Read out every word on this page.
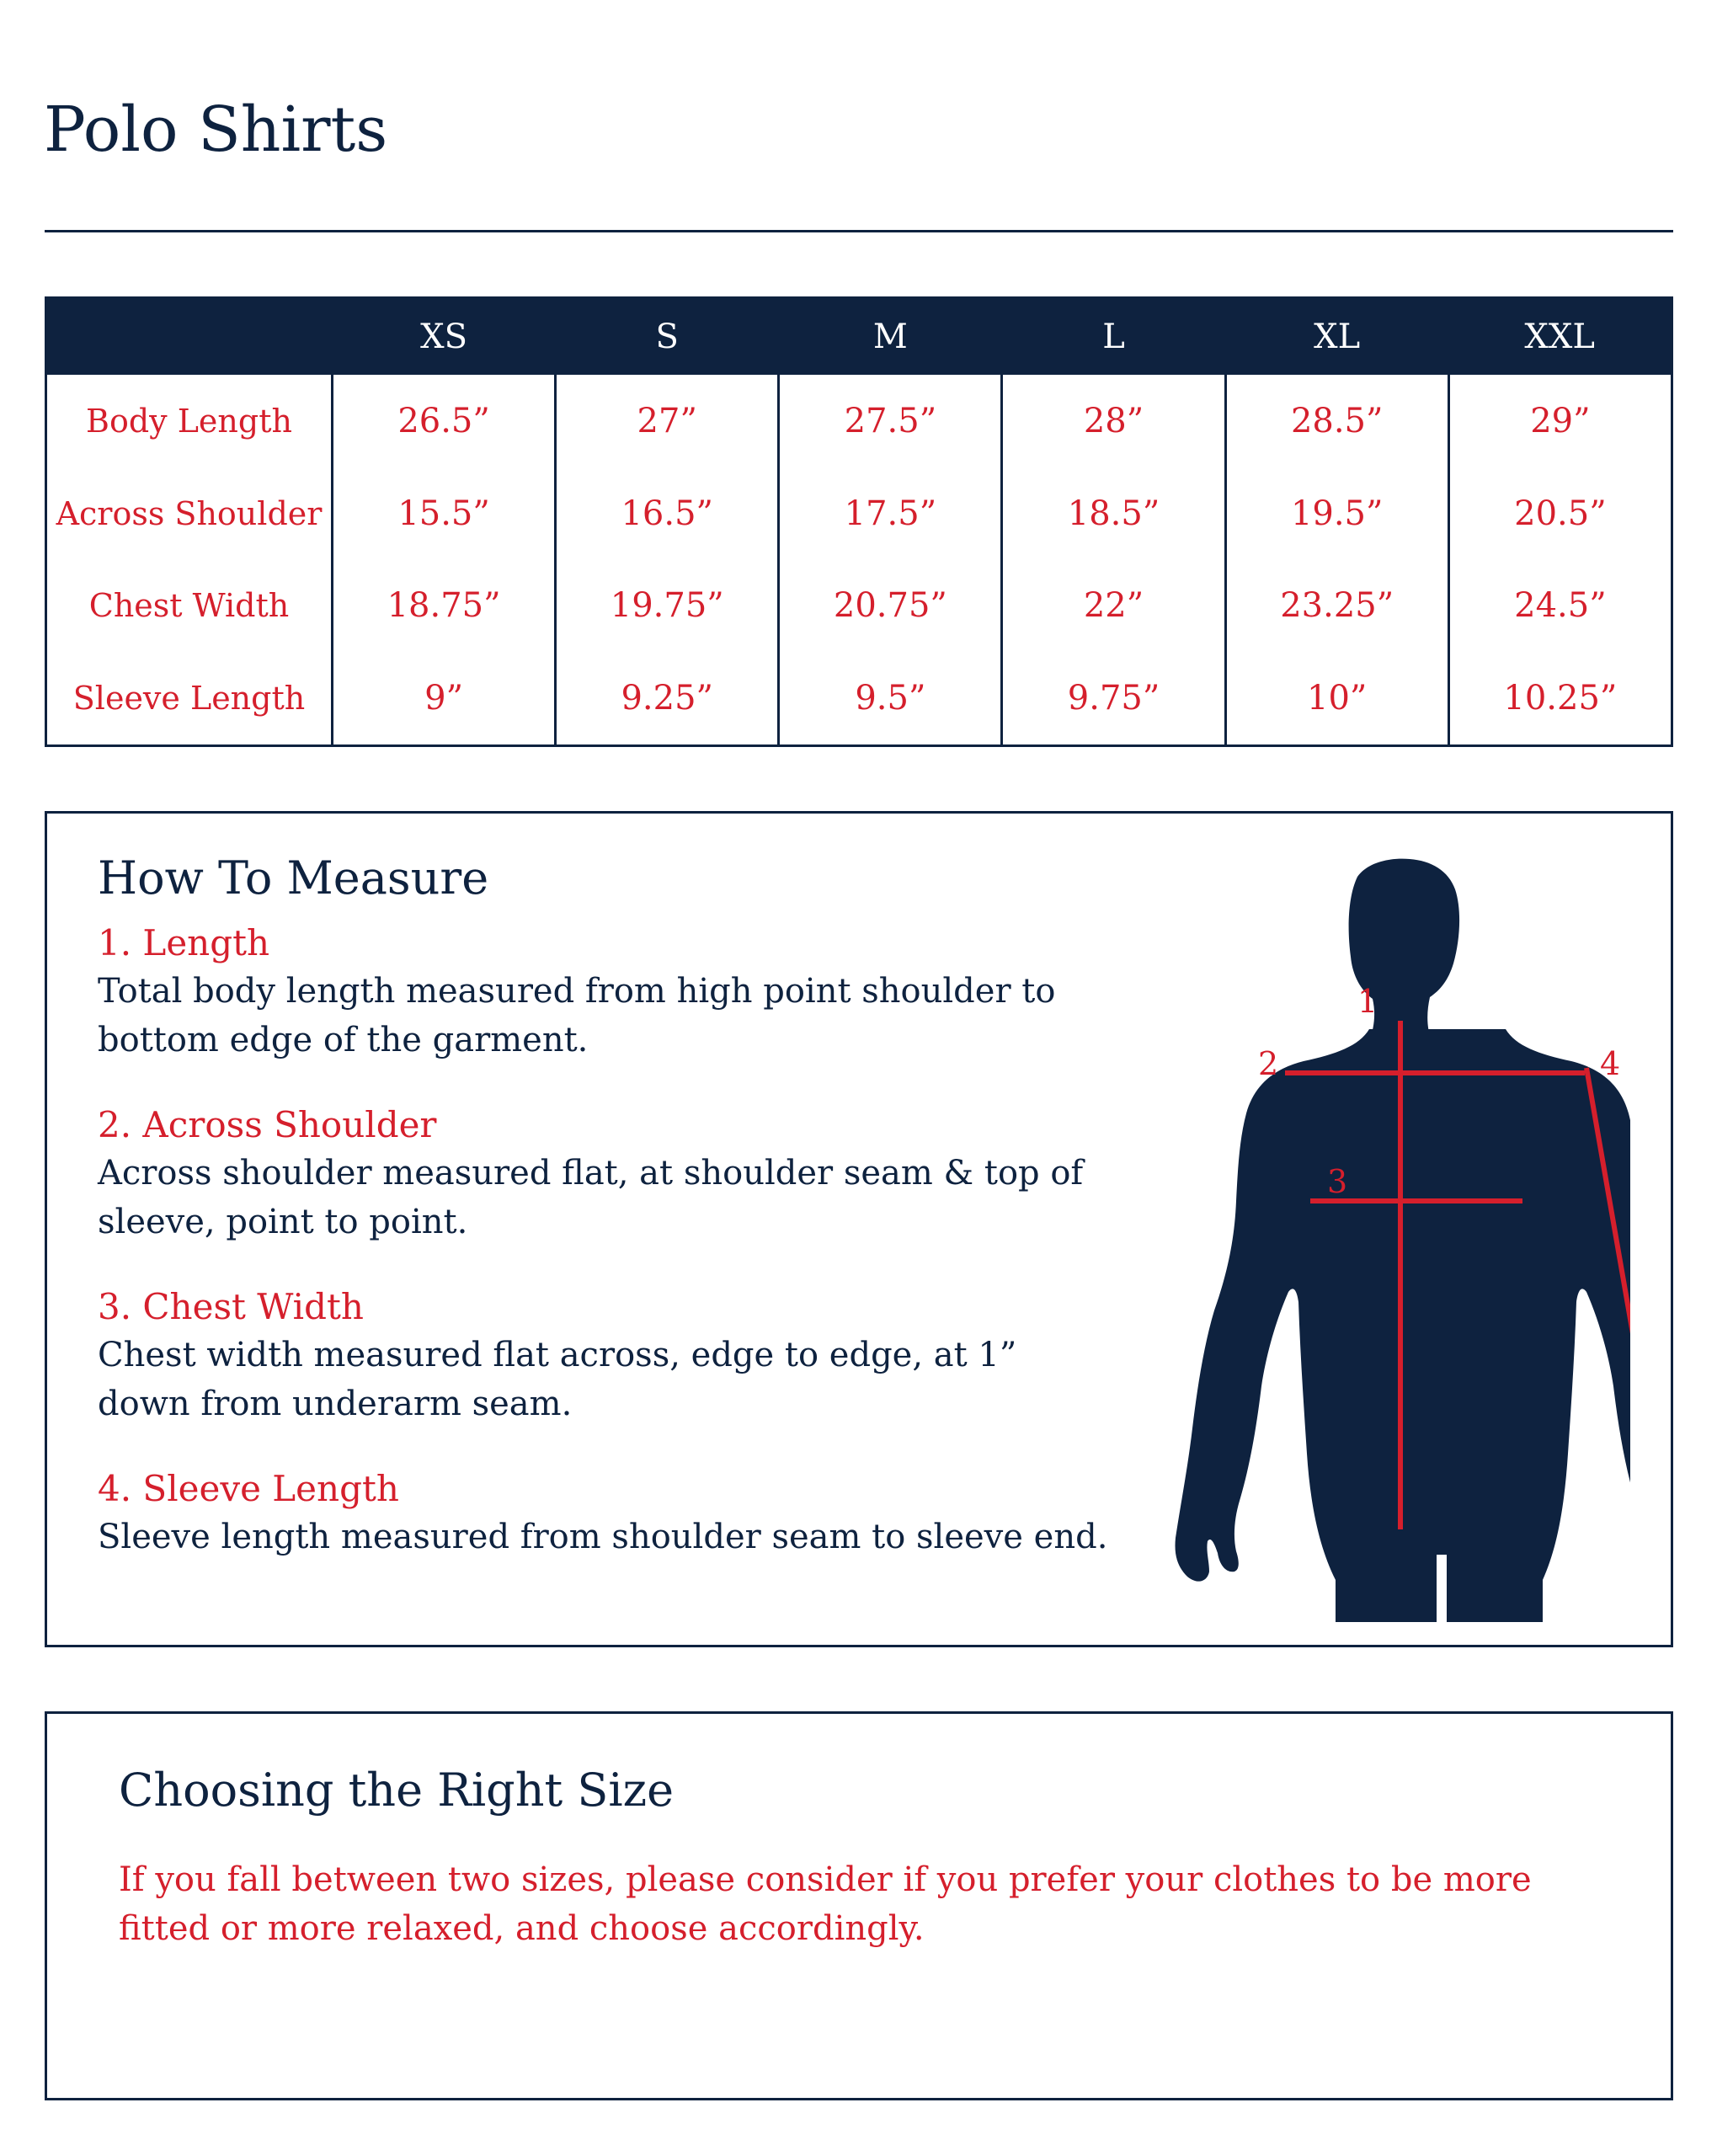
Polo Shirts
	XS	S	M	L	XL	XXL
Body Length	26.5”	27”	27.5”	28”	28.5”	29”
Across Shoulder	15.5”	16.5”	17.5”	18.5”	19.5”	20.5”
Chest Width	18.75”	19.75”	20.75”	22”	23.25”	24.5”
Sleeve Length	9”	9.25”	9.5”	9.75”	10”	10.25”
How To Measure
1. Length
Total body length measured from high point shoulder to bottom edge of the garment.
2. Across Shoulder
Across shoulder measured flat, at shoulder seam & top of sleeve, point to point.
3. Chest Width
Chest width measured flat across, edge to edge, at 1” down from underarm seam.
4. Sleeve Length
Sleeve length measured from shoulder seam to sleeve end.
1
2
3
4
Choosing the Right Size

If you fall between two sizes, please consider if you prefer your clothes to be more fitted or more relaxed, and choose accordingly.
